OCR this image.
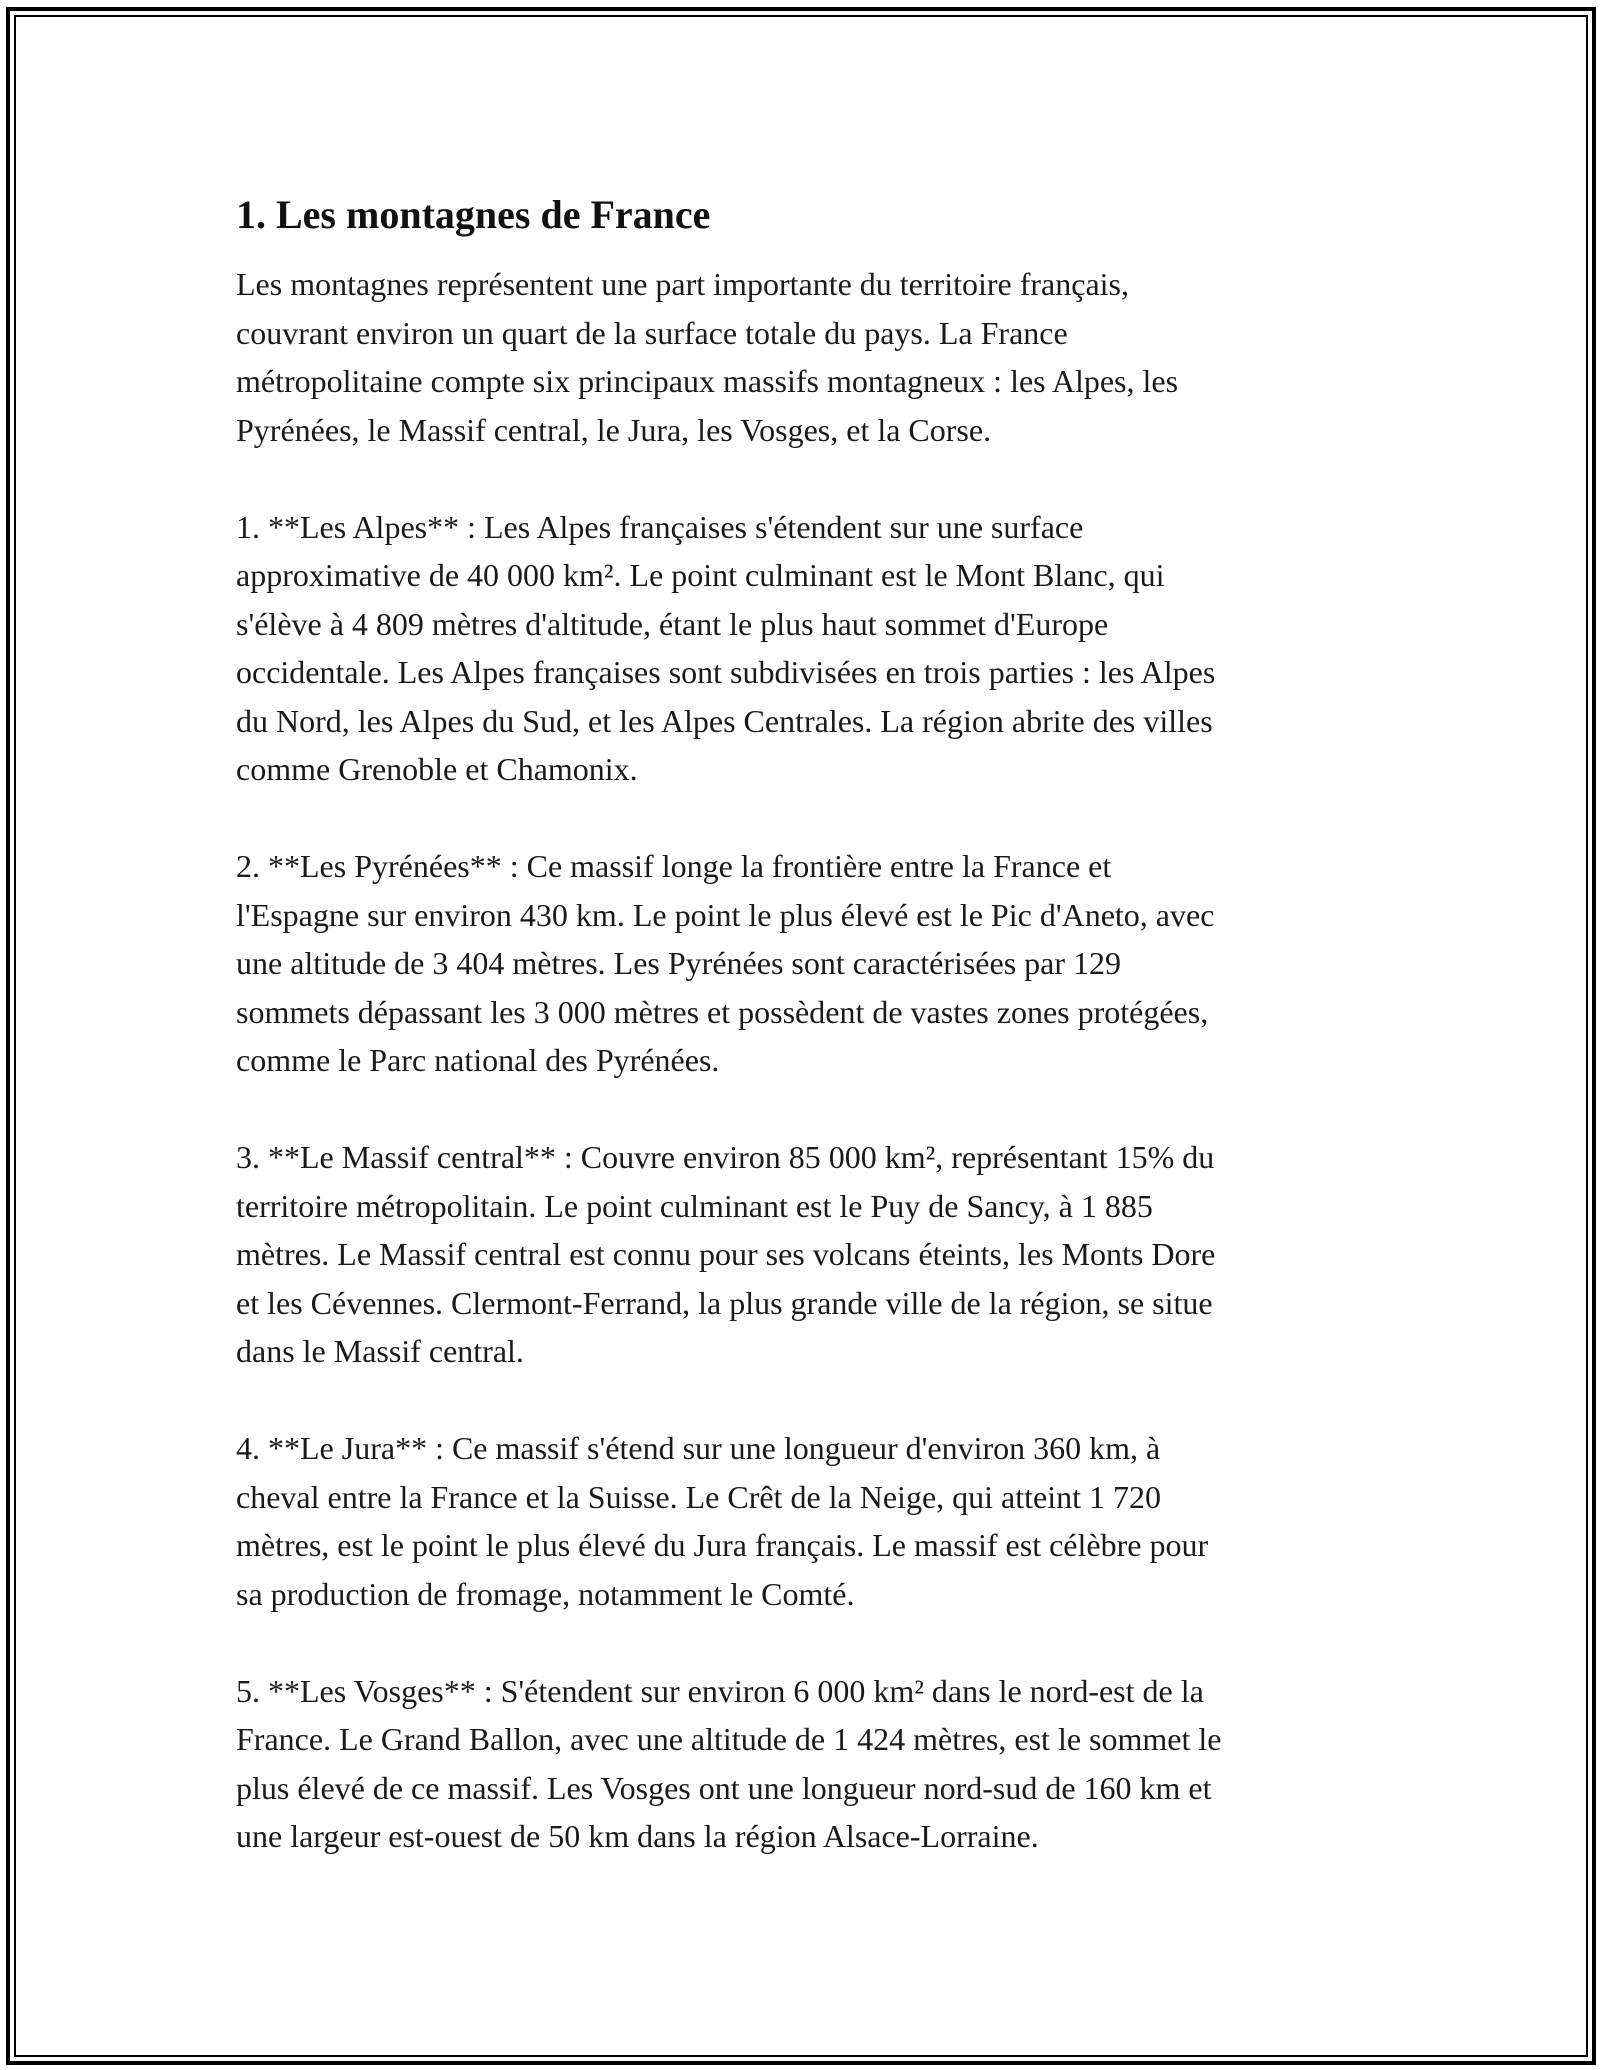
1. Les montagnes de France

Les montagnes représentent une part importante du territoire français,
couvrant environ un quart de la surface totale du pays. La France
métropolitaine compte six principaux massifs montagneux : les Alpes, les
Pyrénées, le Massif central, le Jura, les Vosges, et la Corse.

1. **Les Alpes** : Les Alpes françaises s'étendent sur une surface
approximative de 40 000 km². Le point culminant est le Mont Blanc, qui
s'élève à 4 809 mètres d'altitude, étant le plus haut sommet d'Europe
occidentale. Les Alpes françaises sont subdivisées en trois parties : les Alpes
du Nord, les Alpes du Sud, et les Alpes Centrales. La région abrite des villes
comme Grenoble et Chamonix.

2. **Les Pyrénées** : Ce massif longe la frontière entre la France et
l'Espagne sur environ 430 km. Le point le plus élevé est le Pic d'Aneto, avec
une altitude de 3 404 mètres. Les Pyrénées sont caractérisées par 129
sommets dépassant les 3 000 mètres et possèdent de vastes zones protégées,
comme le Parc national des Pyrénées.

3. **Le Massif central** : Couvre environ 85 000 km², représentant 15% du
territoire métropolitain. Le point culminant est le Puy de Sancy, à 1 885
mètres. Le Massif central est connu pour ses volcans éteints, les Monts Dore
et les Cévennes. Clermont-Ferrand, la plus grande ville de la région, se situe
dans le Massif central.

4. **Le Jura** : Ce massif s'étend sur une longueur d'environ 360 km, à
cheval entre la France et la Suisse. Le Crêt de la Neige, qui atteint 1 720
mètres, est le point le plus élevé du Jura français. Le massif est célèbre pour
sa production de fromage, notamment le Comté.

5. **Les Vosges** : S'étendent sur environ 6 000 km² dans le nord-est de la
France. Le Grand Ballon, avec une altitude de 1 424 mètres, est le sommet le
plus élevé de ce massif. Les Vosges ont une longueur nord-sud de 160 km et
une largeur est-ouest de 50 km dans la région Alsace-Lorraine.
